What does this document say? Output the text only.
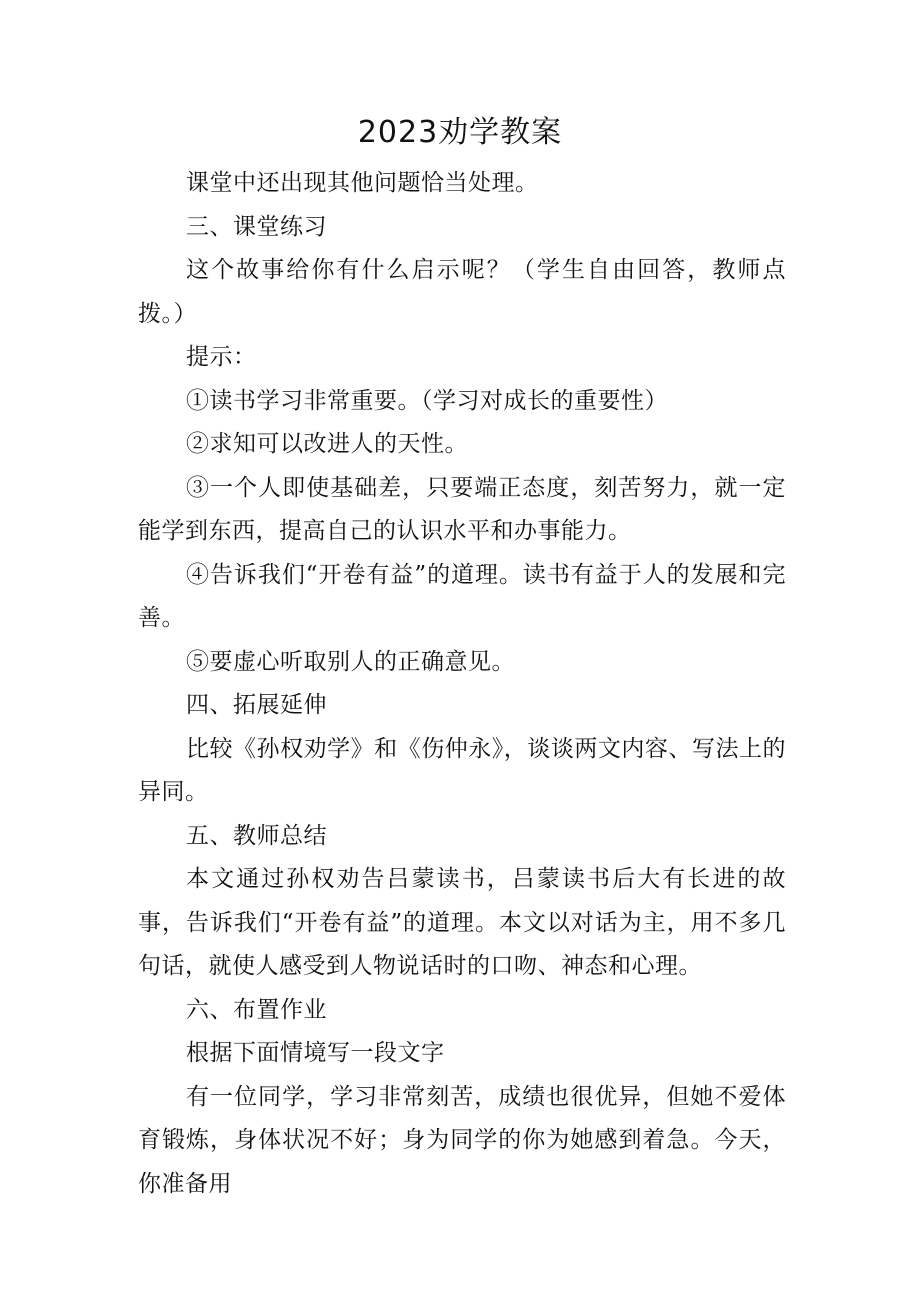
2023劝学教案

课堂中还出现其他问题恰当处理。

三、课堂练习

这个故事给你有什么启示呢？（学生自由回答，教师点拨。）

提示：

①读书学习非常重要。（学习对成长的重要性）

②求知可以改进人的天性。

③一个人即使基础差，只要端正态度，刻苦努力，就一定能学到东西，提高自己的认识水平和办事能力。

④告诉我们“开卷有益”的道理。读书有益于人的发展和完善。

⑤要虚心听取别人的正确意见。

四、拓展延伸

比较《孙权劝学》和《伤仲永》，谈谈两文内容、写法上的异同。

五、教师总结

本文通过孙权劝告吕蒙读书，吕蒙读书后大有长进的故事，告诉我们“开卷有益”的道理。本文以对话为主，用不多几句话，就使人感受到人物说话时的口吻、神态和心理。

六、布置作业

根据下面情境写一段文字

有一位同学，学习非常刻苦，成绩也很优异，但她不爱体育锻炼，身体状况不好；身为同学的你为她感到着急。今天，你准备用
